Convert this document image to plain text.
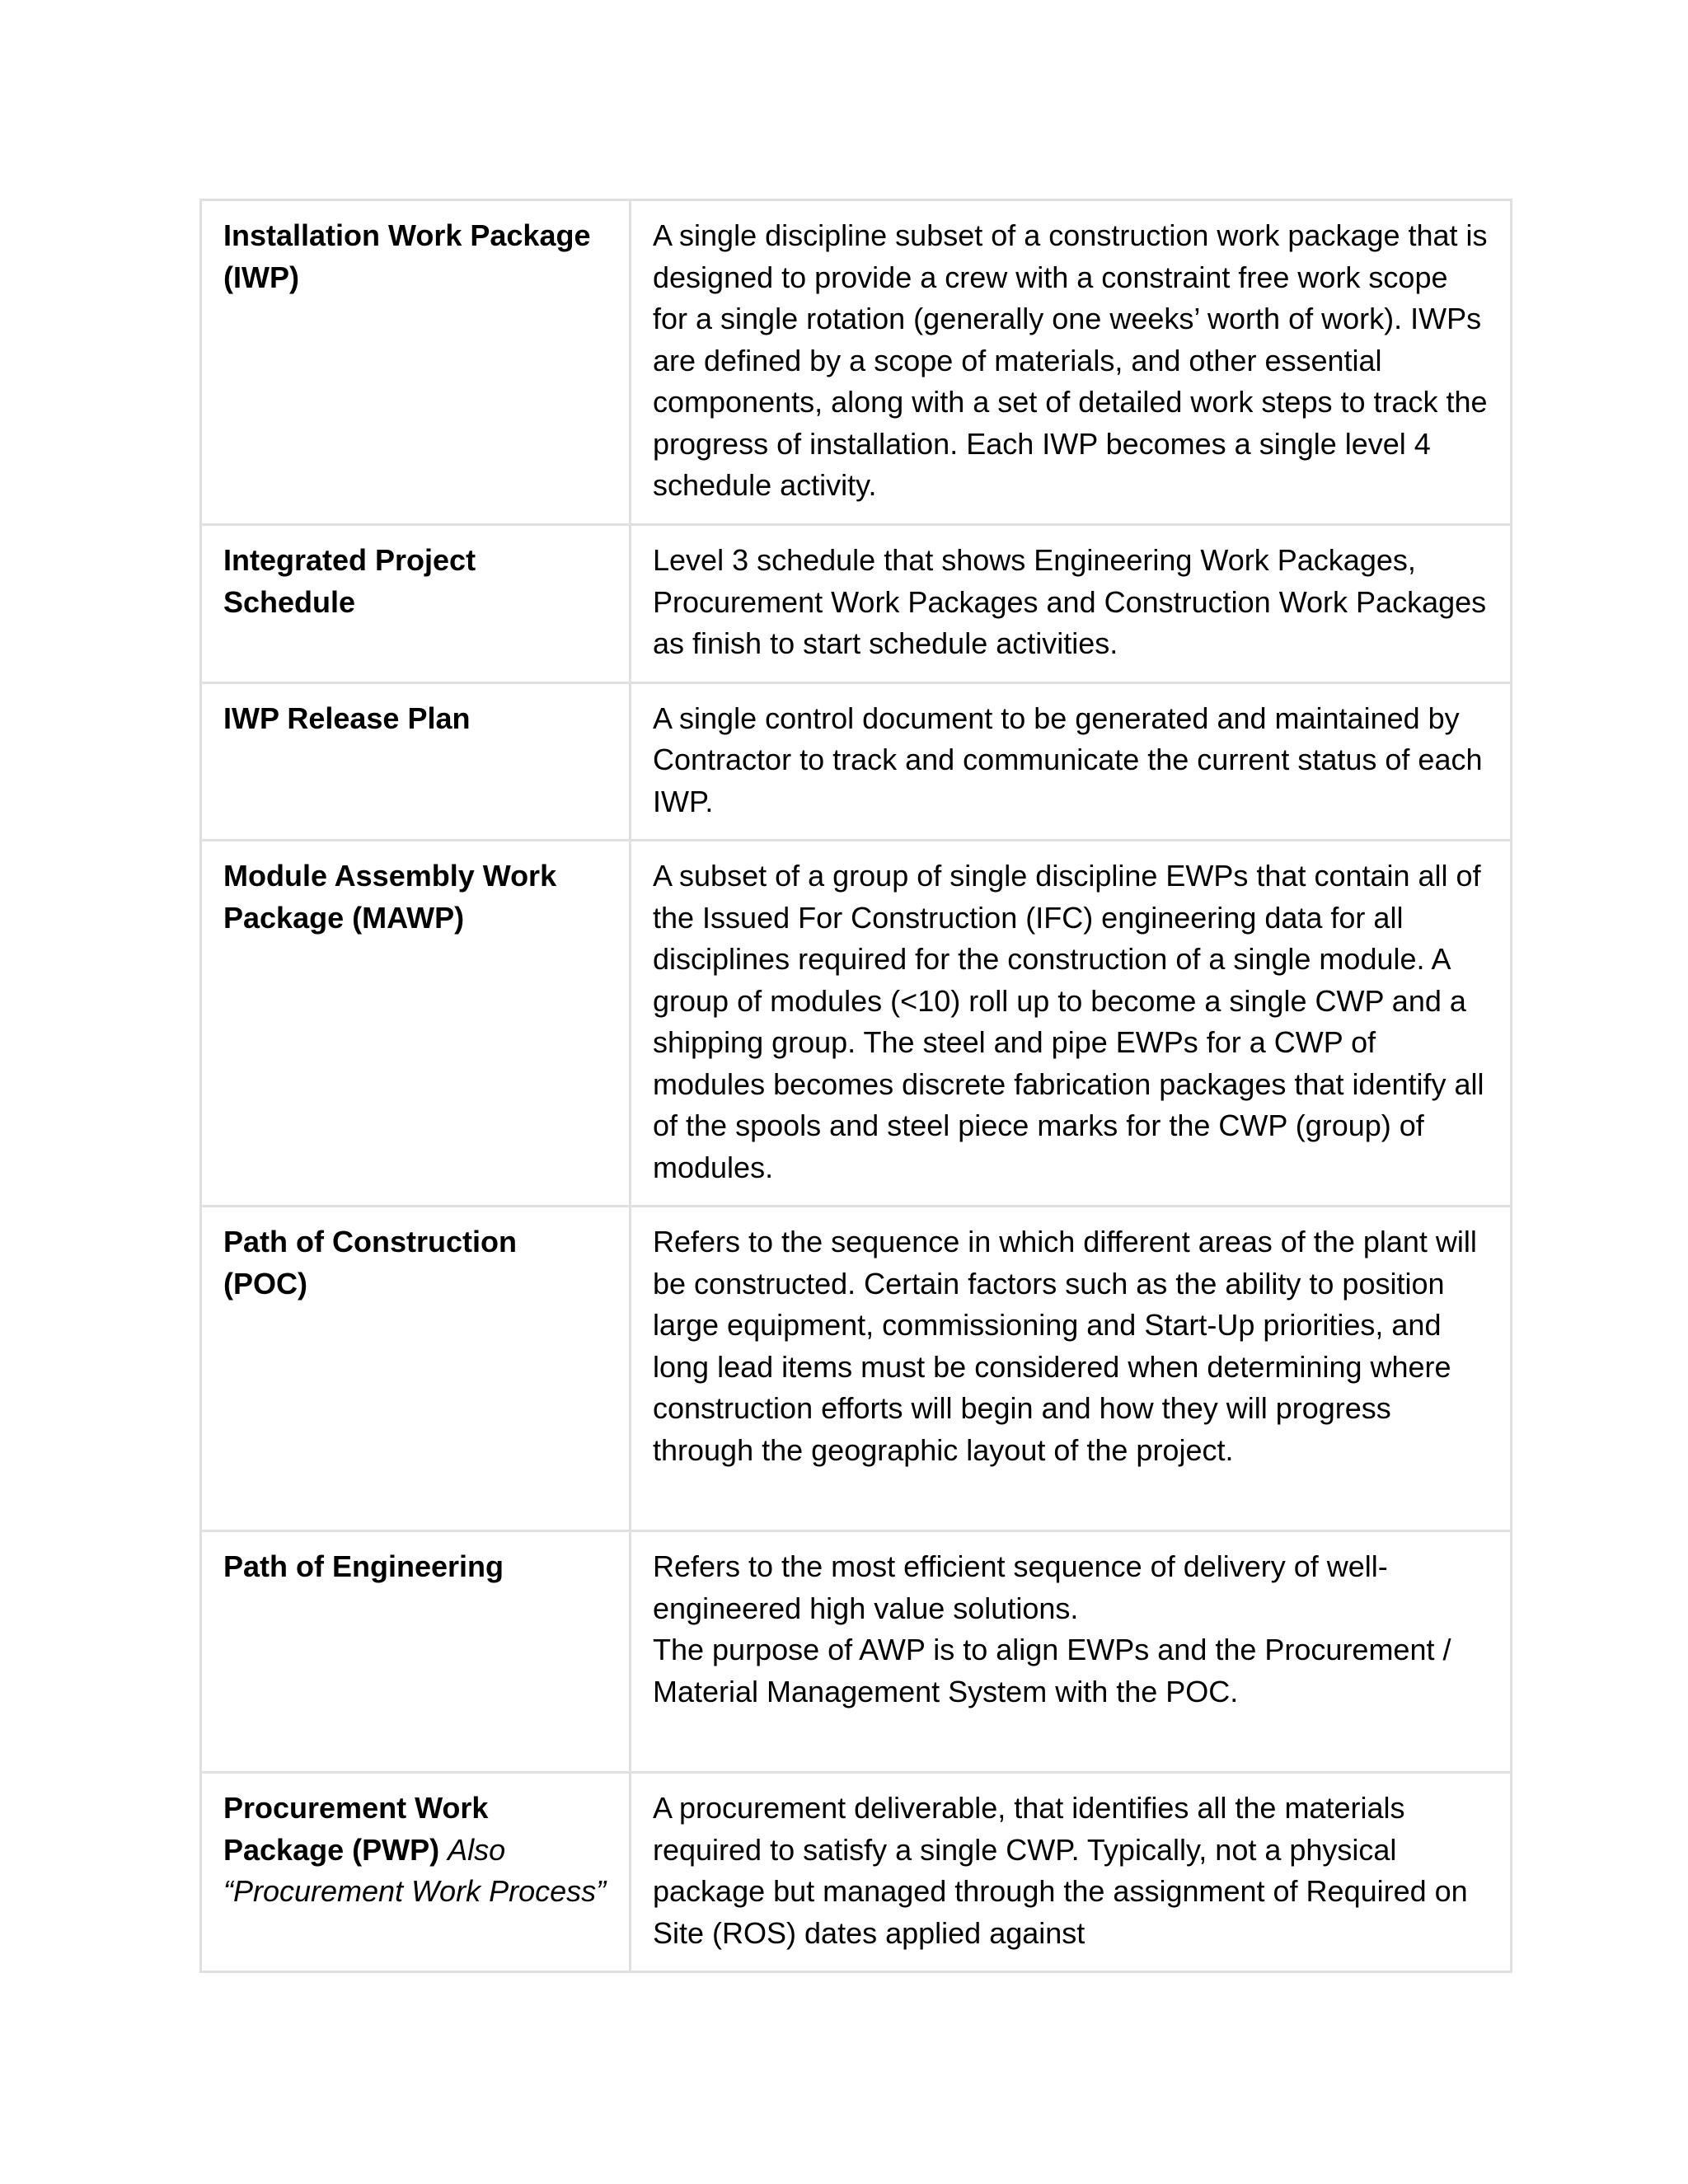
Installation Work Package (IWP)	A single discipline subset of a construction work package that is designed to provide a crew with a constraint free work scope for a single rotation (generally one weeks’ worth of work). IWPs are defined by a scope of materials, and other essential components, along with a set of detailed work steps to track the progress of installation. Each IWP becomes a single level 4 schedule activity.
Integrated Project Schedule	Level 3 schedule that shows Engineering Work Packages, Procurement Work Packages and Construction Work Packages as finish to start schedule activities.
IWP Release Plan	A single control document to be generated and maintained by Contractor to track and communicate the current status of each IWP.
Module Assembly Work Package (MAWP)	A subset of a group of single discipline EWPs that contain all of the Issued For Construction (IFC) engineering data for all disciplines required for the construction of a single module. A group of modules (<10) roll up to become a single CWP and a shipping group. The steel and pipe EWPs for a CWP of modules becomes discrete fabrication packages that identify all of the spools and steel piece marks for the CWP (group) of modules.
Path of Construction (POC)	Refers to the sequence in which different areas of the plant will be constructed. Certain factors such as the ability to position large equipment, commissioning and Start-Up priorities, and long lead items must be considered when determining where construction efforts will begin and how they will progress through the geographic layout of the project.
Path of Engineering	Refers to the most efficient sequence of delivery of well-engineered high value solutions.
The purpose of AWP is to align EWPs and the Procurement / Material Management System with the POC.

Procurement Work Package (PWP) Also “Procurement Work Process”	A procurement deliverable, that identifies all the materials required to satisfy a single CWP. Typically, not a physical package but managed through the assignment of Required on Site (ROS) dates applied against
